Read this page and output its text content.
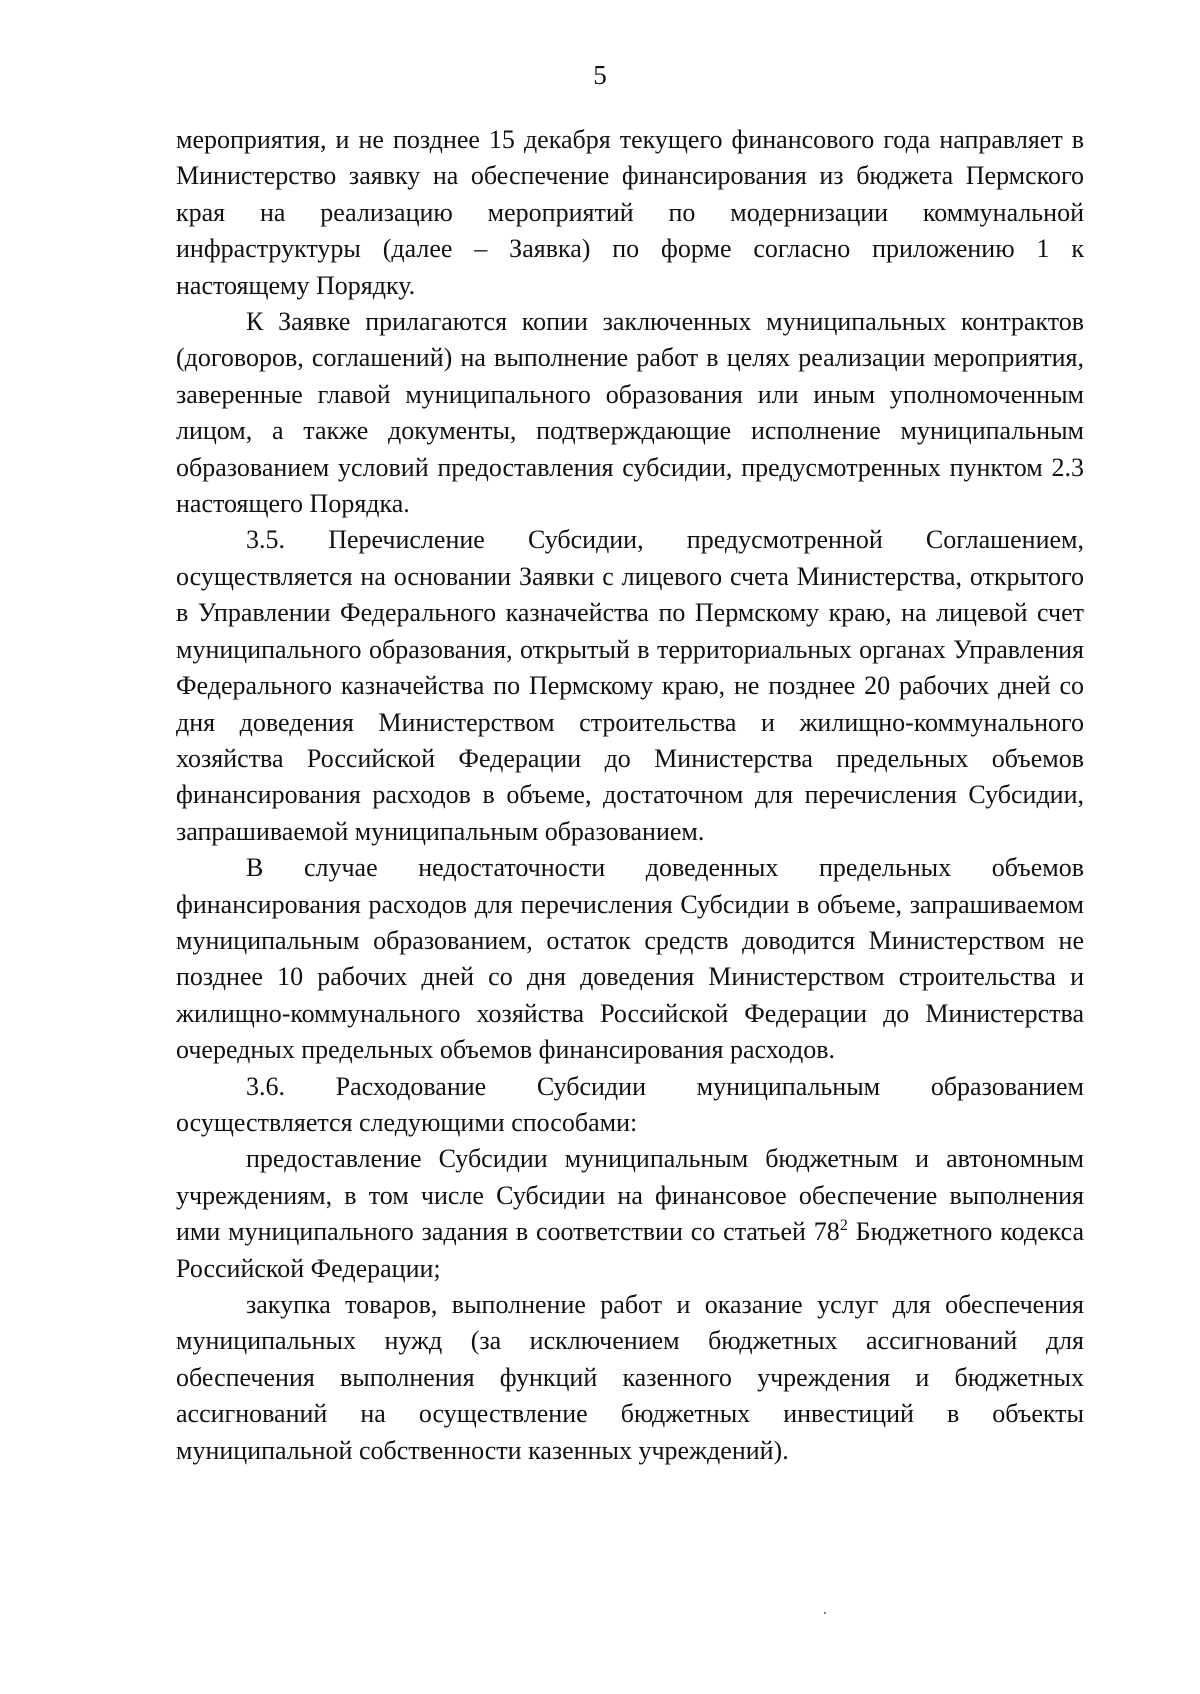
5

мероприятия, и не позднее 15 декабря текущего финансового года направляет в Министерство заявку на обеспечение финансирования из бюджета Пермского края на реализацию мероприятий по модернизации коммунальной инфраструктуры (далее – Заявка) по форме согласно приложению 1 к настоящему Порядку.

К Заявке прилагаются копии заключенных муниципальных контрактов (договоров, соглашений) на выполнение работ в целях реализации мероприятия, заверенные главой муниципального образования или иным уполномоченным лицом, а также документы, подтверждающие исполнение муниципальным образованием условий предоставления субсидии, предусмотренных пунктом 2.3 настоящего Порядка.

3.5. Перечисление Субсидии, предусмотренной Соглашением, осуществляется на основании Заявки с лицевого счета Министерства, открытого в Управлении Федерального казначейства по Пермскому краю, на лицевой счет муниципального образования, открытый в территориальных органах Управления Федерального казначейства по Пермскому краю, не позднее 20 рабочих дней со дня доведения Министерством строительства и жилищно-коммунального хозяйства Российской Федерации до Министерства предельных объемов финансирования расходов в объеме, достаточном для перечисления Субсидии, запрашиваемой муниципальным образованием.

В случае недостаточности доведенных предельных объемов финансирования расходов для перечисления Субсидии в объеме, запрашиваемом муниципальным образованием, остаток средств доводится Министерством не позднее 10 рабочих дней со дня доведения Министерством строительства и жилищно-коммунального хозяйства Российской Федерации до Министерства очередных предельных объемов финансирования расходов.

3.6. Расходование Субсидии муниципальным образованием осуществляется следующими способами:

предоставление Субсидии муниципальным бюджетным и автономным учреждениям, в том числе Субсидии на финансовое обеспечение выполнения ими муниципального задания в соответствии со статьей $78^2$ Бюджетного кодекса Российской Федерации;

закупка товаров, выполнение работ и оказание услуг для обеспечения муниципальных нужд (за исключением бюджетных ассигнований для обеспечения выполнения функций казенного учреждения и бюджетных ассигнований на осуществление бюджетных инвестиций в объекты муниципальной собственности казенных учреждений).
